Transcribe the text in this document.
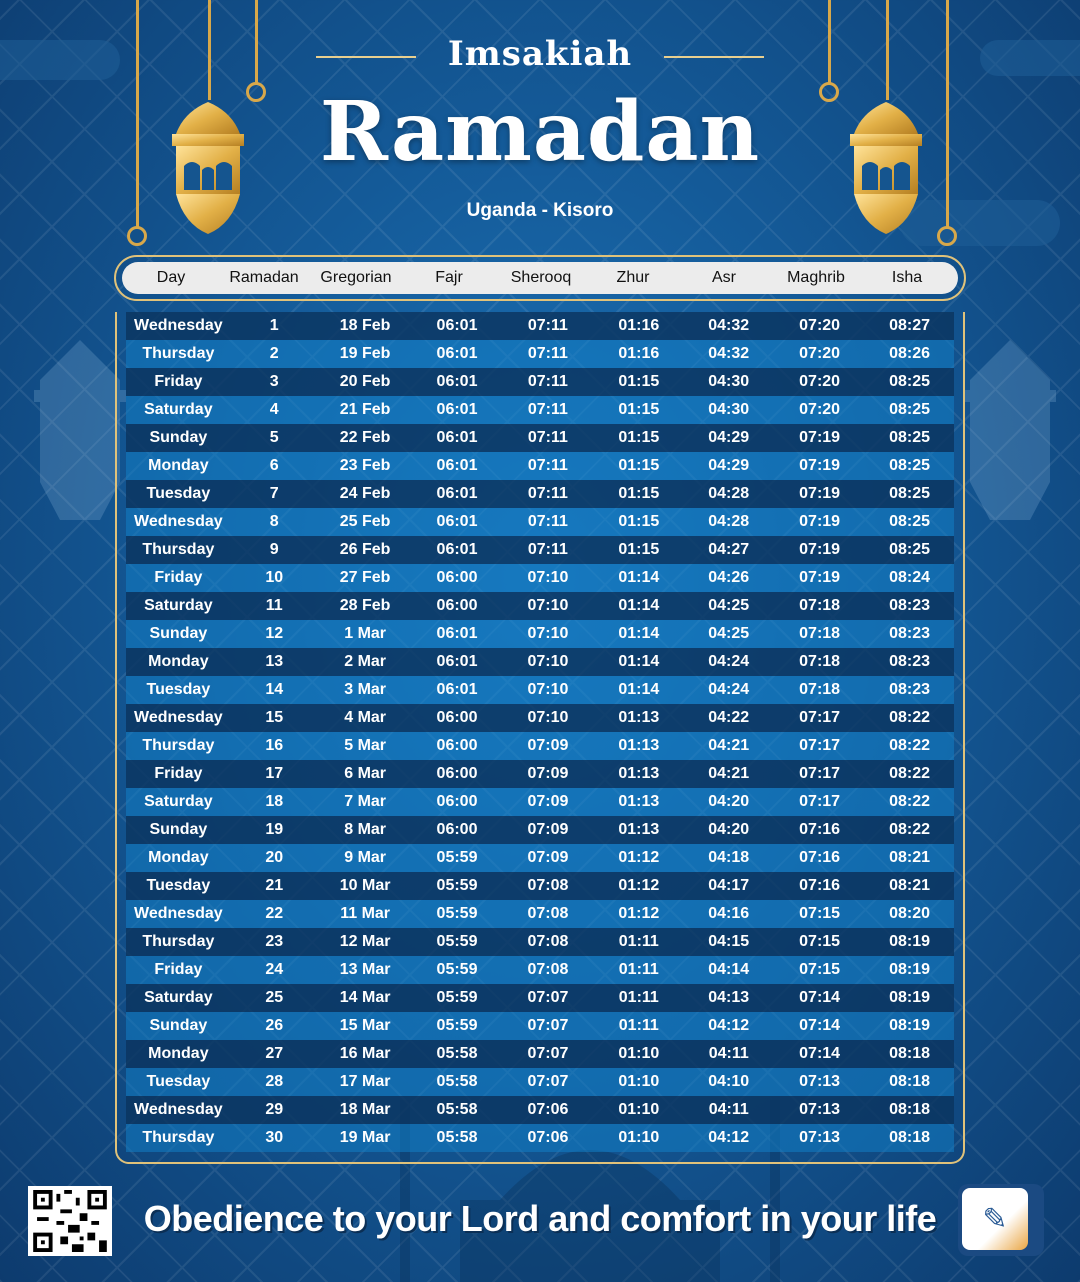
Imsakiah
Ramadan
Uganda - Kisoro
Day	Ramadan	Gregorian	Fajr	Sherooq	Zhur	Asr	Maghrib	Isha
Wednesday	1	18 Feb	06:01	07:11	01:16	04:32	07:20	08:27
Thursday	2	19 Feb	06:01	07:11	01:16	04:32	07:20	08:26
Friday	3	20 Feb	06:01	07:11	01:15	04:30	07:20	08:25
Saturday	4	21 Feb	06:01	07:11	01:15	04:30	07:20	08:25
Sunday	5	22 Feb	06:01	07:11	01:15	04:29	07:19	08:25
Monday	6	23 Feb	06:01	07:11	01:15	04:29	07:19	08:25
Tuesday	7	24 Feb	06:01	07:11	01:15	04:28	07:19	08:25
Wednesday	8	25 Feb	06:01	07:11	01:15	04:28	07:19	08:25
Thursday	9	26 Feb	06:01	07:11	01:15	04:27	07:19	08:25
Friday	10	27 Feb	06:00	07:10	01:14	04:26	07:19	08:24
Saturday	11	28 Feb	06:00	07:10	01:14	04:25	07:18	08:23
Sunday	12	1 Mar	06:01	07:10	01:14	04:25	07:18	08:23
Monday	13	2 Mar	06:01	07:10	01:14	04:24	07:18	08:23
Tuesday	14	3 Mar	06:01	07:10	01:14	04:24	07:18	08:23
Wednesday	15	4 Mar	06:00	07:10	01:13	04:22	07:17	08:22
Thursday	16	5 Mar	06:00	07:09	01:13	04:21	07:17	08:22
Friday	17	6 Mar	06:00	07:09	01:13	04:21	07:17	08:22
Saturday	18	7 Mar	06:00	07:09	01:13	04:20	07:17	08:22
Sunday	19	8 Mar	06:00	07:09	01:13	04:20	07:16	08:22
Monday	20	9 Mar	05:59	07:09	01:12	04:18	07:16	08:21
Tuesday	21	10 Mar	05:59	07:08	01:12	04:17	07:16	08:21
Wednesday	22	11 Mar	05:59	07:08	01:12	04:16	07:15	08:20
Thursday	23	12 Mar	05:59	07:08	01:11	04:15	07:15	08:19
Friday	24	13 Mar	05:59	07:08	01:11	04:14	07:15	08:19
Saturday	25	14 Mar	05:59	07:07	01:11	04:13	07:14	08:19
Sunday	26	15 Mar	05:59	07:07	01:11	04:12	07:14	08:19
Monday	27	16 Mar	05:58	07:07	01:10	04:11	07:14	08:18
Tuesday	28	17 Mar	05:58	07:07	01:10	04:10	07:13	08:18
Wednesday	29	18 Mar	05:58	07:06	01:10	04:11	07:13	08:18
Thursday	30	19 Mar	05:58	07:06	01:10	04:12	07:13	08:18
Obedience to your Lord and comfort in your life	✎
